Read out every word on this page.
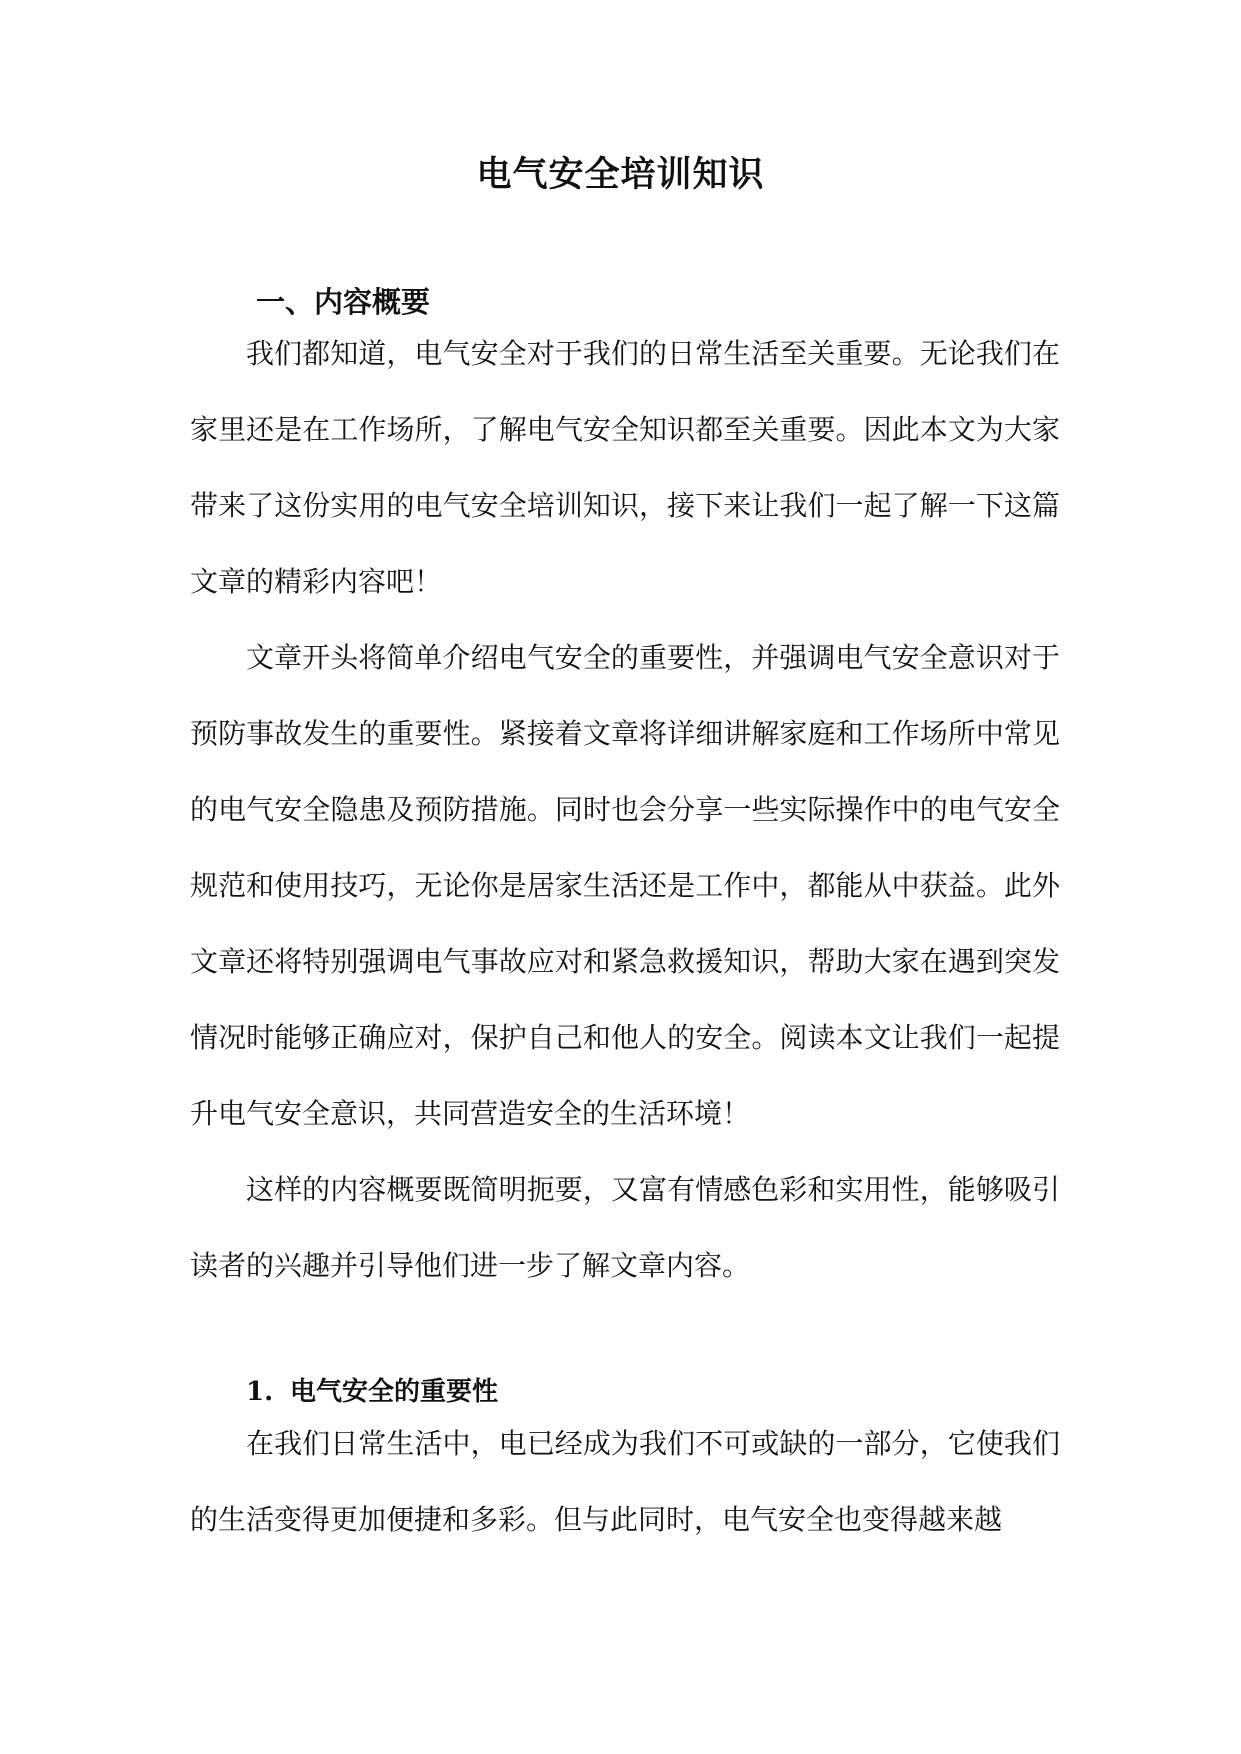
电气安全培训知识
一、内容概要

我们都知道，电气安全对于我们的日常生活至关重要。无论我们在家里还是在工作场所，了解电气安全知识都至关重要。因此本文为大家带来了这份实用的电气安全培训知识，接下来让我们一起了解一下这篇文章的精彩内容吧！

文章开头将简单介绍电气安全的重要性，并强调电气安全意识对于预防事故发生的重要性。紧接着文章将详细讲解家庭和工作场所中常见的电气安全隐患及预防措施。同时也会分享一些实际操作中的电气安全规范和使用技巧，无论你是居家生活还是工作中，都能从中获益。此外文章还将特别强调电气事故应对和紧急救援知识，帮助大家在遇到突发情况时能够正确应对，保护自己和他人的安全。阅读本文让我们一起提升电气安全意识，共同营造安全的生活环境！

这样的内容概要既简明扼要，又富有情感色彩和实用性，能够吸引读者的兴趣并引导他们进一步了解文章内容。

1. 电气安全的重要性

在我们日常生活中，电已经成为我们不可或缺的一部分，它使我们的生活变得更加便捷和多彩。但与此同时，电气安全也变得越来越
